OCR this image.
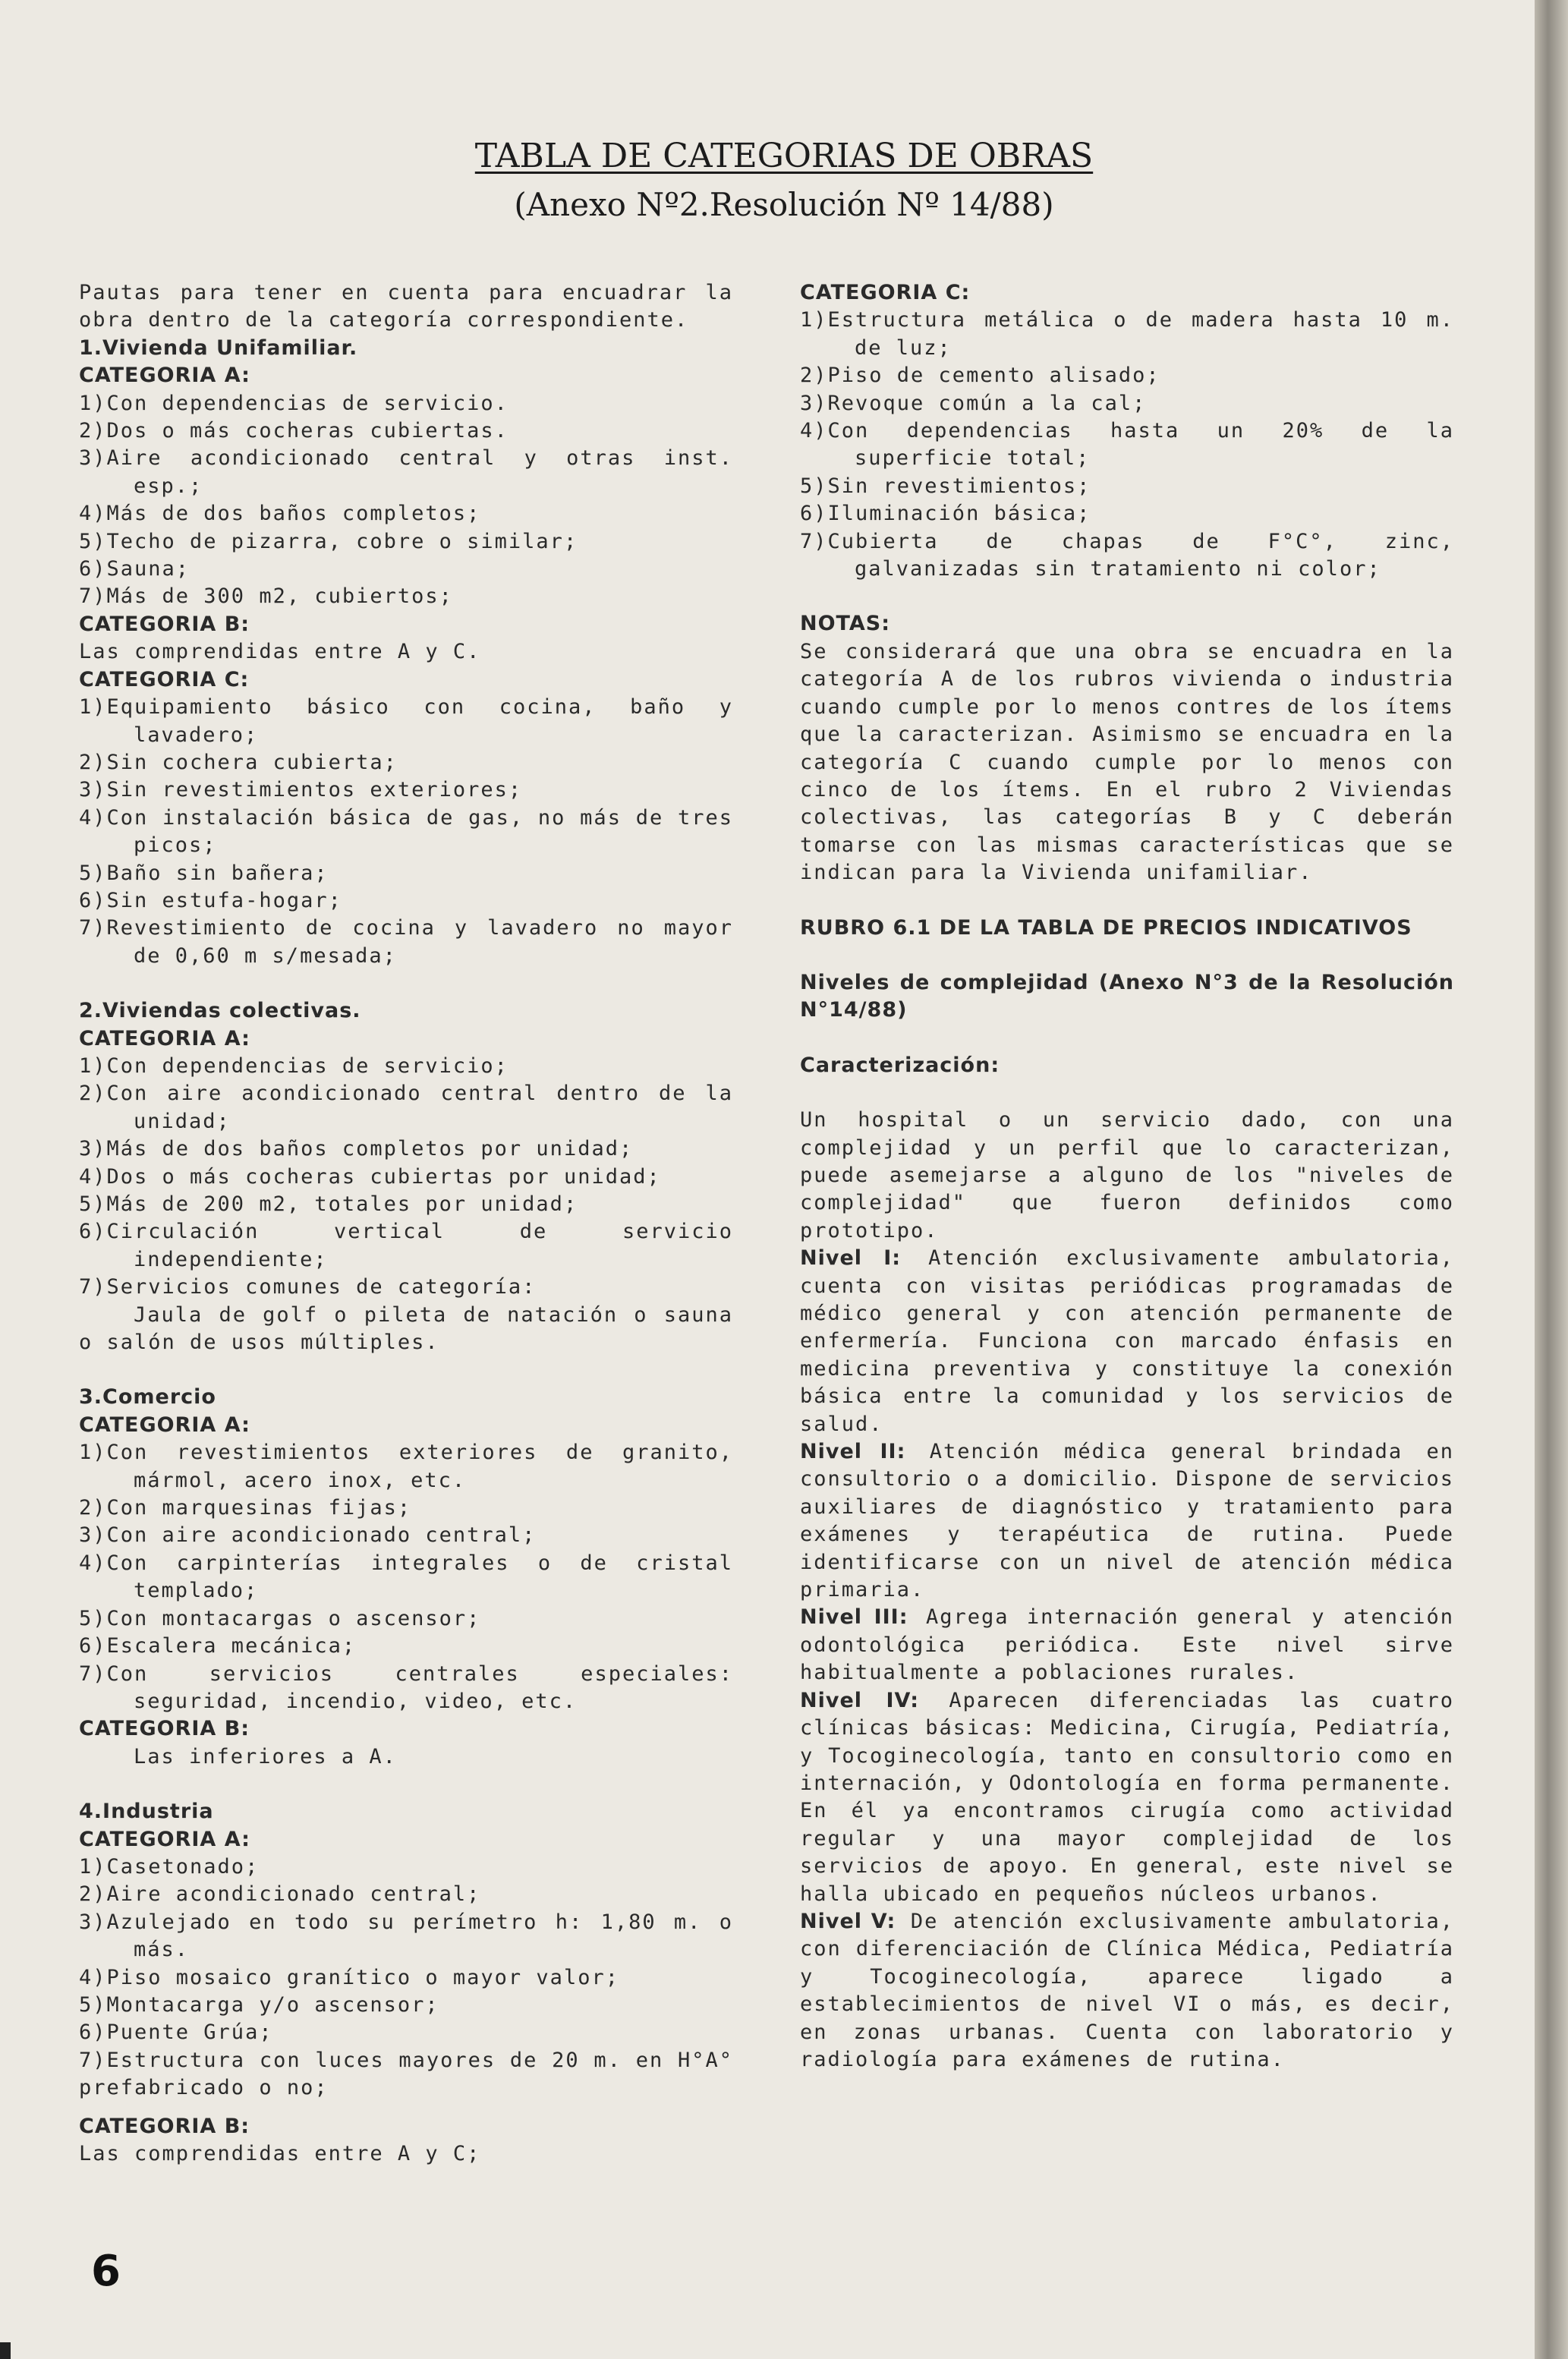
TABLA DE CATEGORIAS DE OBRAS
(Anexo Nº2.Resolución Nº 14/88)

Pautas para tener en cuenta para encuadrar la obra dentro de la categoría correspondiente.

1.Vivienda Unifamiliar.

CATEGORIA A:

1)Con dependencias de servicio.

2)Dos o más cocheras cubiertas.

3)Aire acondicionado central y otras inst. esp.;

4)Más de dos baños completos;

5)Techo de pizarra, cobre o similar;

6)Sauna;

7)Más de 300 m2, cubiertos;

CATEGORIA B:

Las comprendidas entre A y C.

CATEGORIA C:

1)Equipamiento básico con cocina, baño y lavadero;

2)Sin cochera cubierta;

3)Sin revestimientos exteriores;

4)Con instalación básica de gas, no más de tres picos;

5)Baño sin bañera;

6)Sin estufa-hogar;

7)Revestimiento de cocina y lavadero no mayor de 0,60 m s/mesada;

2.Viviendas colectivas.

CATEGORIA A:

1)Con dependencias de servicio;

2)Con aire acondicionado central dentro de la unidad;

3)Más de dos baños completos por unidad;

4)Dos o más cocheras cubiertas por unidad;

5)Más de 200 m2, totales por unidad;

6)Circulación vertical de servicio independiente;

7)Servicios comunes de categoría:

Jaula de golf o pileta de natación o sauna o salón de usos múltiples.

3.Comercio

CATEGORIA A:

1)Con revestimientos exteriores de granito, mármol, acero inox, etc.

2)Con marquesinas fijas;

3)Con aire acondicionado central;

4)Con carpinterías integrales o de cristal templado;

5)Con montacargas o ascensor;

6)Escalera mecánica;

7)Con servicios centrales especiales: seguridad, incendio, video, etc.

CATEGORIA B:

Las inferiores a A.

4.Industria

CATEGORIA A:

1)Casetonado;

2)Aire acondicionado central;

3)Azulejado en todo su perímetro h: 1,80 m. o más.

4)Piso mosaico granítico o mayor valor;

5)Montacarga y/o ascensor;

6)Puente Grúa;

7)Estructura con luces mayores de 20 m. en H°A° prefabricado o no;

CATEGORIA B:

Las comprendidas entre A y C;

CATEGORIA C:

1)Estructura metálica o de madera hasta 10 m. de luz;

2)Piso de cemento alisado;

3)Revoque común a la cal;

4)Con dependencias hasta un 20% de la superficie total;

5)Sin revestimientos;

6)Iluminación básica;

7)Cubierta de chapas de F°C°, zinc, galvanizadas sin tratamiento ni color;

NOTAS:

Se considerará que una obra se encuadra en la categoría A de los rubros vivienda o industria cuando cumple por lo menos contres de los ítems que la caracterizan. Asimismo se encuadra en la categoría C cuando cumple por lo menos con cinco de los ítems. En el rubro 2 Viviendas colectivas, las categorías B y C deberán tomarse con las mismas características que se indican para la Vivienda unifamiliar.

RUBRO 6.1 DE LA TABLA DE PRECIOS INDICATIVOS

Niveles de complejidad (Anexo N°3 de la Resolución N°14/88)

Caracterización:

Un hospital o un servicio dado, con una complejidad y un perfil que lo caracterizan, puede asemejarse a alguno de los "niveles de complejidad" que fueron definidos como prototipo.

Nivel I: Atención exclusivamente ambulatoria, cuenta con visitas periódicas programadas de médico general y con atención permanente de enfermería. Funciona con marcado énfasis en medicina preventiva y constituye la conexión básica entre la comunidad y los servicios de salud.

Nivel II: Atención médica general brindada en consultorio o a domicilio. Dispone de servicios auxiliares de diagnóstico y tratamiento para exámenes y terapéutica de rutina. Puede identificarse con un nivel de atención médica primaria.

Nivel III: Agrega internación general y atención odontológica periódica. Este nivel sirve habitualmente a poblaciones rurales.

Nivel IV: Aparecen diferenciadas las cuatro clínicas básicas: Medicina, Cirugía, Pediatría, y Tocoginecología, tanto en consultorio como en internación, y Odontología en forma permanente. En él ya encontramos cirugía como actividad regular y una mayor complejidad de los servicios de apoyo. En general, este nivel se halla ubicado en pequeños núcleos urbanos.

Nivel V: De atención exclusivamente ambulatoria, con diferenciación de Clínica Médica, Pediatría y Tocoginecología, aparece ligado a establecimientos de nivel VI o más, es decir, en zonas urbanas. Cuenta con laboratorio y radiología para exámenes de rutina.

6
